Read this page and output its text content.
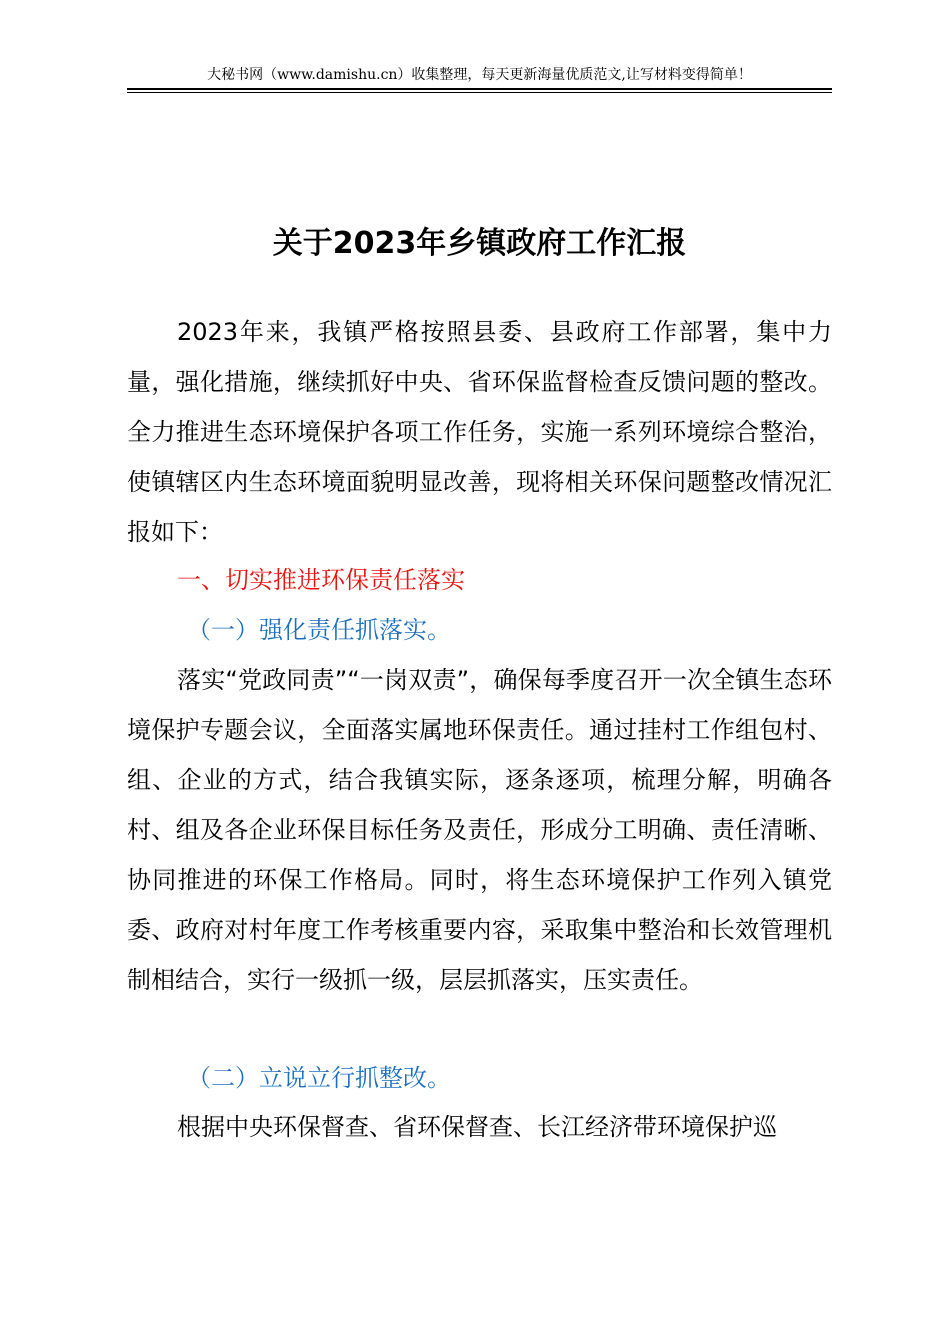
大秘书网（www.damishu.cn）收集整理，每天更新海量优质范文,让写材料变得简单！
关于2023年乡镇政府工作汇报

2023年来，我镇严格按照县委、县政府工作部署，集中力量，强化措施，继续抓好中央、省环保监督检查反馈问题的整改。全力推进生态环境保护各项工作任务，实施一系列环境综合整治，使镇辖区内生态环境面貌明显改善，现将相关环保问题整改情况汇报如下：

一、切实推进环保责任落实
（一）强化责任抓落实。

落实“党政同责”“一岗双责”，确保每季度召开一次全镇生态环境保护专题会议，全面落实属地环保责任。通过挂村工作组包村、组、企业的方式，结合我镇实际，逐条逐项，梳理分解，明确各村、组及各企业环保目标任务及责任，形成分工明确、责任清晰、协同推进的环保工作格局。同时，将生态环境保护工作列入镇党委、政府对村年度工作考核重要内容，采取集中整治和长效管理机制相结合，实行一级抓一级，层层抓落实，压实责任。

（二）立说立行抓整改。

根据中央环保督查、省环保督查、长江经济带环境保护巡
